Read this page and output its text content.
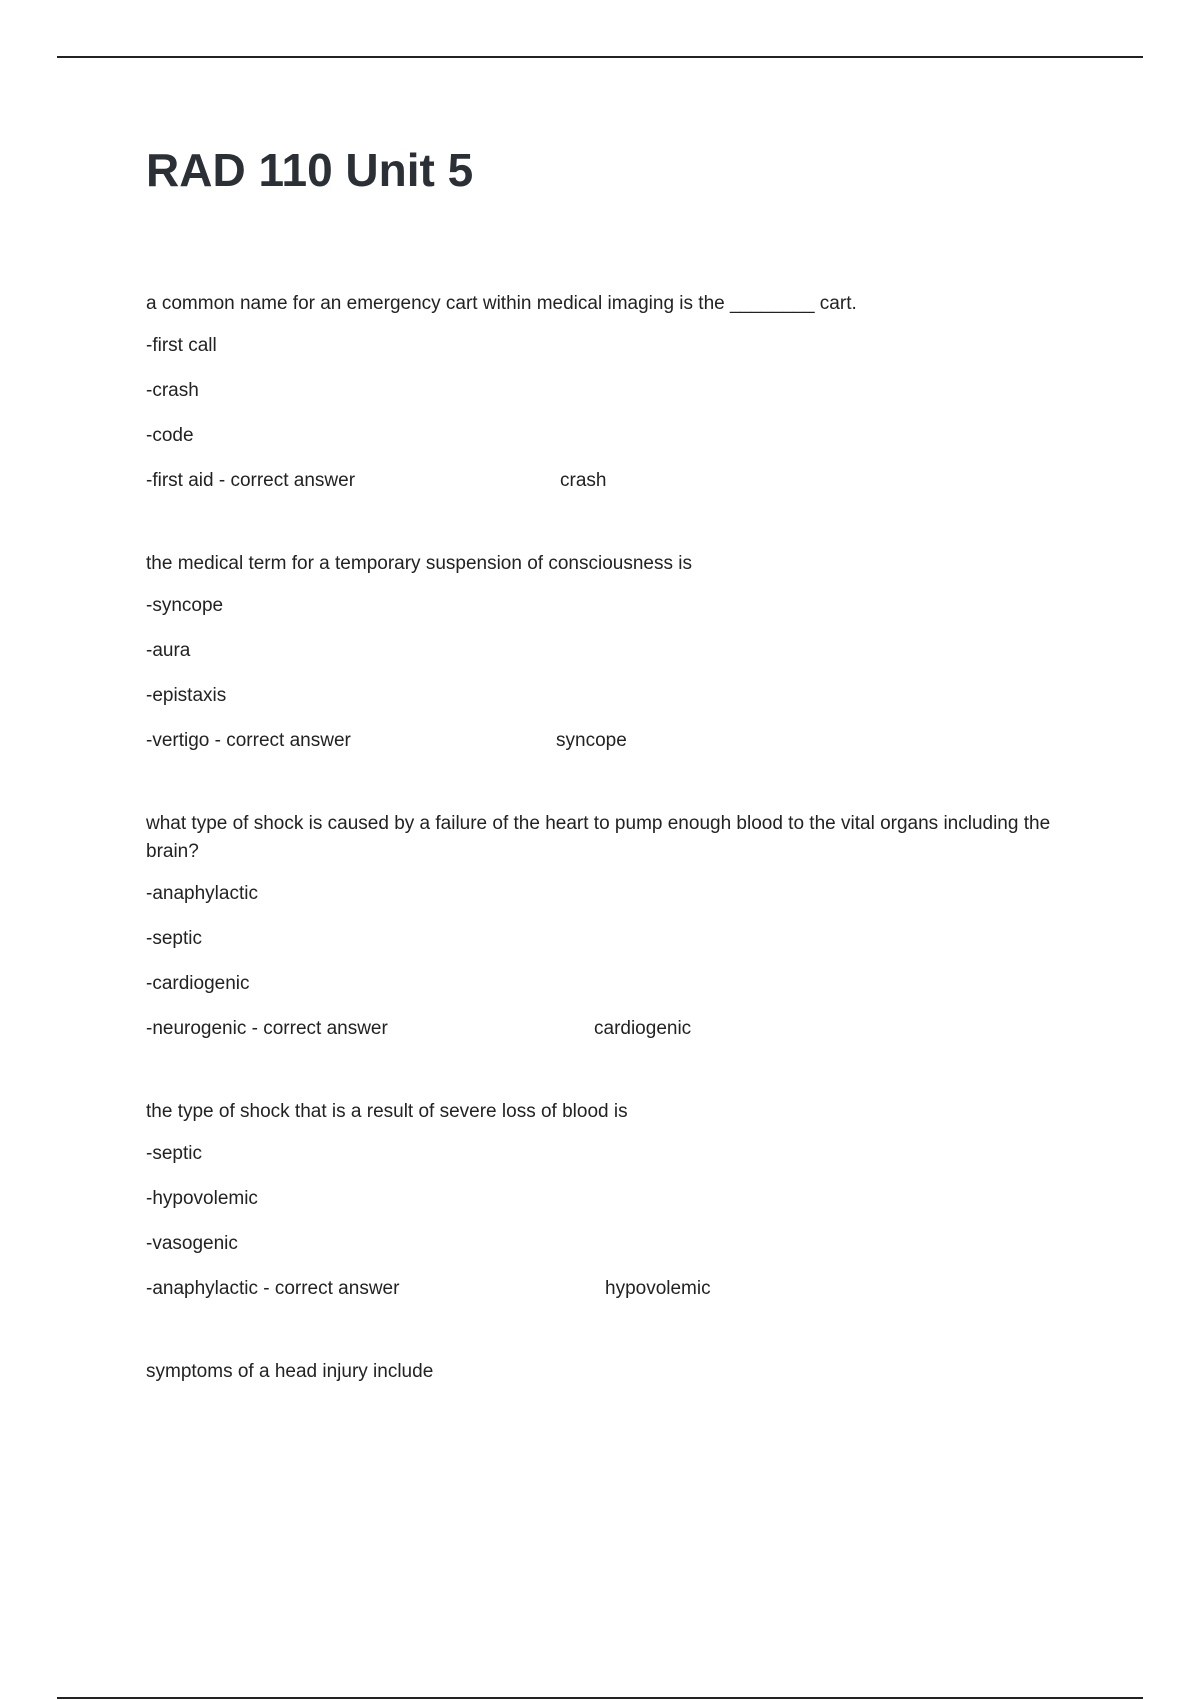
RAD 110 Unit 5
a common name for an emergency cart within medical imaging is the ________ cart.
-first call
-crash
-code
-first aid - correct answer	crash
the medical term for a temporary suspension of consciousness is
-syncope
-aura
-epistaxis
-vertigo - correct answer	syncope
what type of shock is caused by a failure of the heart to pump enough blood to the vital organs including the brain?
-anaphylactic
-septic
-cardiogenic
-neurogenic - correct answer	cardiogenic
the type of shock that is a result of severe loss of blood is
-septic
-hypovolemic
-vasogenic
-anaphylactic - correct answer	hypovolemic
symptoms of a head injury include
